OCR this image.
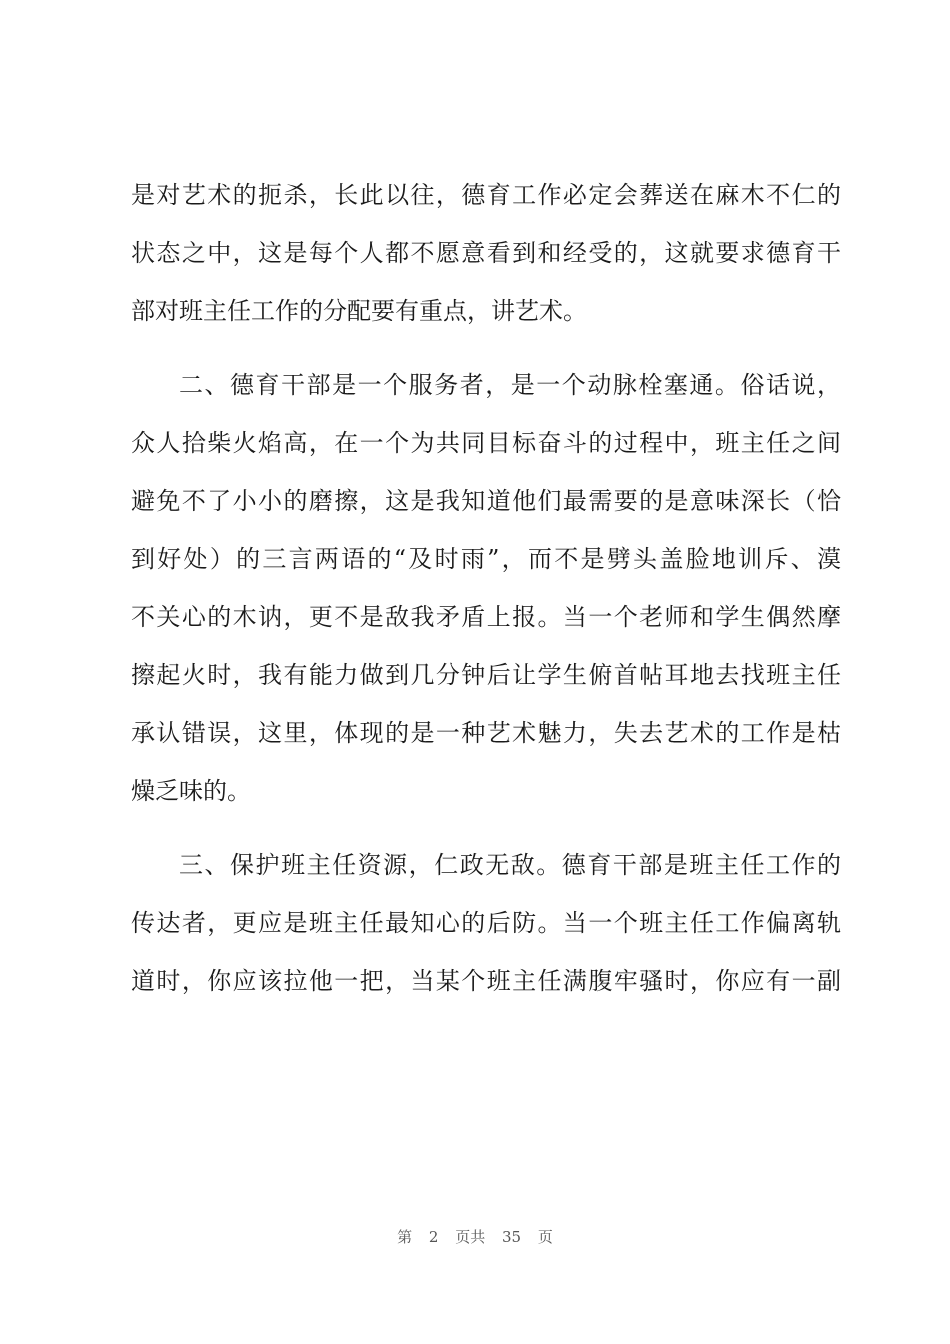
是对艺术的扼杀，长此以往，德育工作必定会葬送在麻木不仁的
状态之中，这是每个人都不愿意看到和经受的，这就要求德育干
部对班主任工作的分配要有重点，讲艺术。
二、德育干部是一个服务者，是一个动脉栓塞通。俗话说，
众人拾柴火焰高，在一个为共同目标奋斗的过程中，班主任之间
避免不了小小的磨擦，这是我知道他们最需要的是意味深长（恰
到好处）的三言两语的“及时雨”，而不是劈头盖脸地训斥、漠
不关心的木讷，更不是敌我矛盾上报。当一个老师和学生偶然摩
擦起火时，我有能力做到几分钟后让学生俯首帖耳地去找班主任
承认错误，这里，体现的是一种艺术魅力，失去艺术的工作是枯
燥乏味的。
三、保护班主任资源，仁政无敌。德育干部是班主任工作的
传达者，更应是班主任最知心的后防。当一个班主任工作偏离轨
道时，你应该拉他一把，当某个班主任满腹牢骚时，你应有一副
第 2 页共 35 页
